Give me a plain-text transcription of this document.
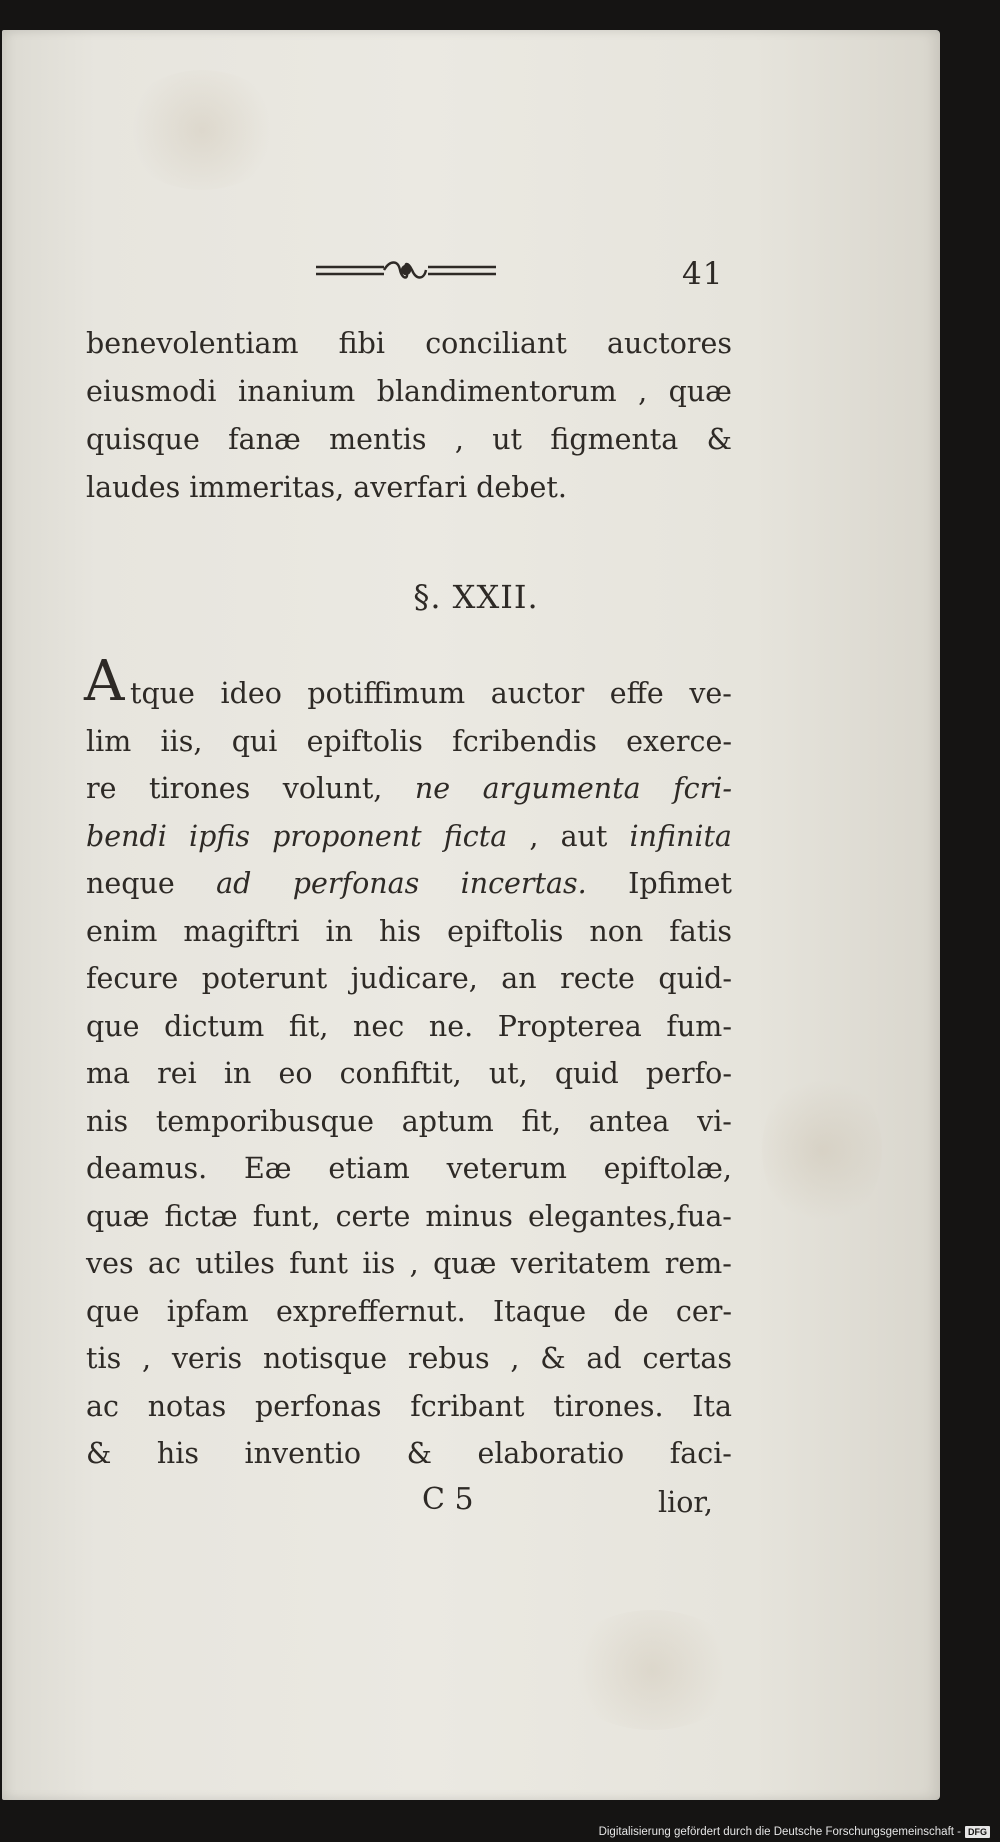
41
benevolentiam fibi conciliant auctores
eiusmodi inanium blandimentorum , quæ
quisque fanæ mentis , ut figmenta &
laudes immeritas, averfari debet.
§. XXII.
A tque ideo potiffimum auctor effe ve-
lim iis, qui epiftolis fcribendis exerce-
re tirones volunt, ne argumenta fcri-
bendi ipfis proponent ficta , aut infinita
neque ad perfonas incertas. Ipfimet
enim magiftri in his epiftolis non fatis
fecure poterunt judicare, an recte quid-
que dictum fit, nec ne. Propterea fum-
ma rei in eo confiftit, ut, quid perfo-
nis temporibusque aptum fit, antea vi-
deamus. Eæ etiam veterum epiftolæ,
quæ fictæ funt, certe minus elegantes,fua-
ves ac utiles funt iis , quæ veritatem rem-
que ipfam expreffernut. Itaque de cer-
tis , veris notisque rebus , & ad certas
ac notas perfonas fcribant tirones. Ita
& his inventio & elaboratio faci-
C 5	lior,
Digitalisierung gefördert durch die Deutsche Forschungsgemeinschaft - DFG
